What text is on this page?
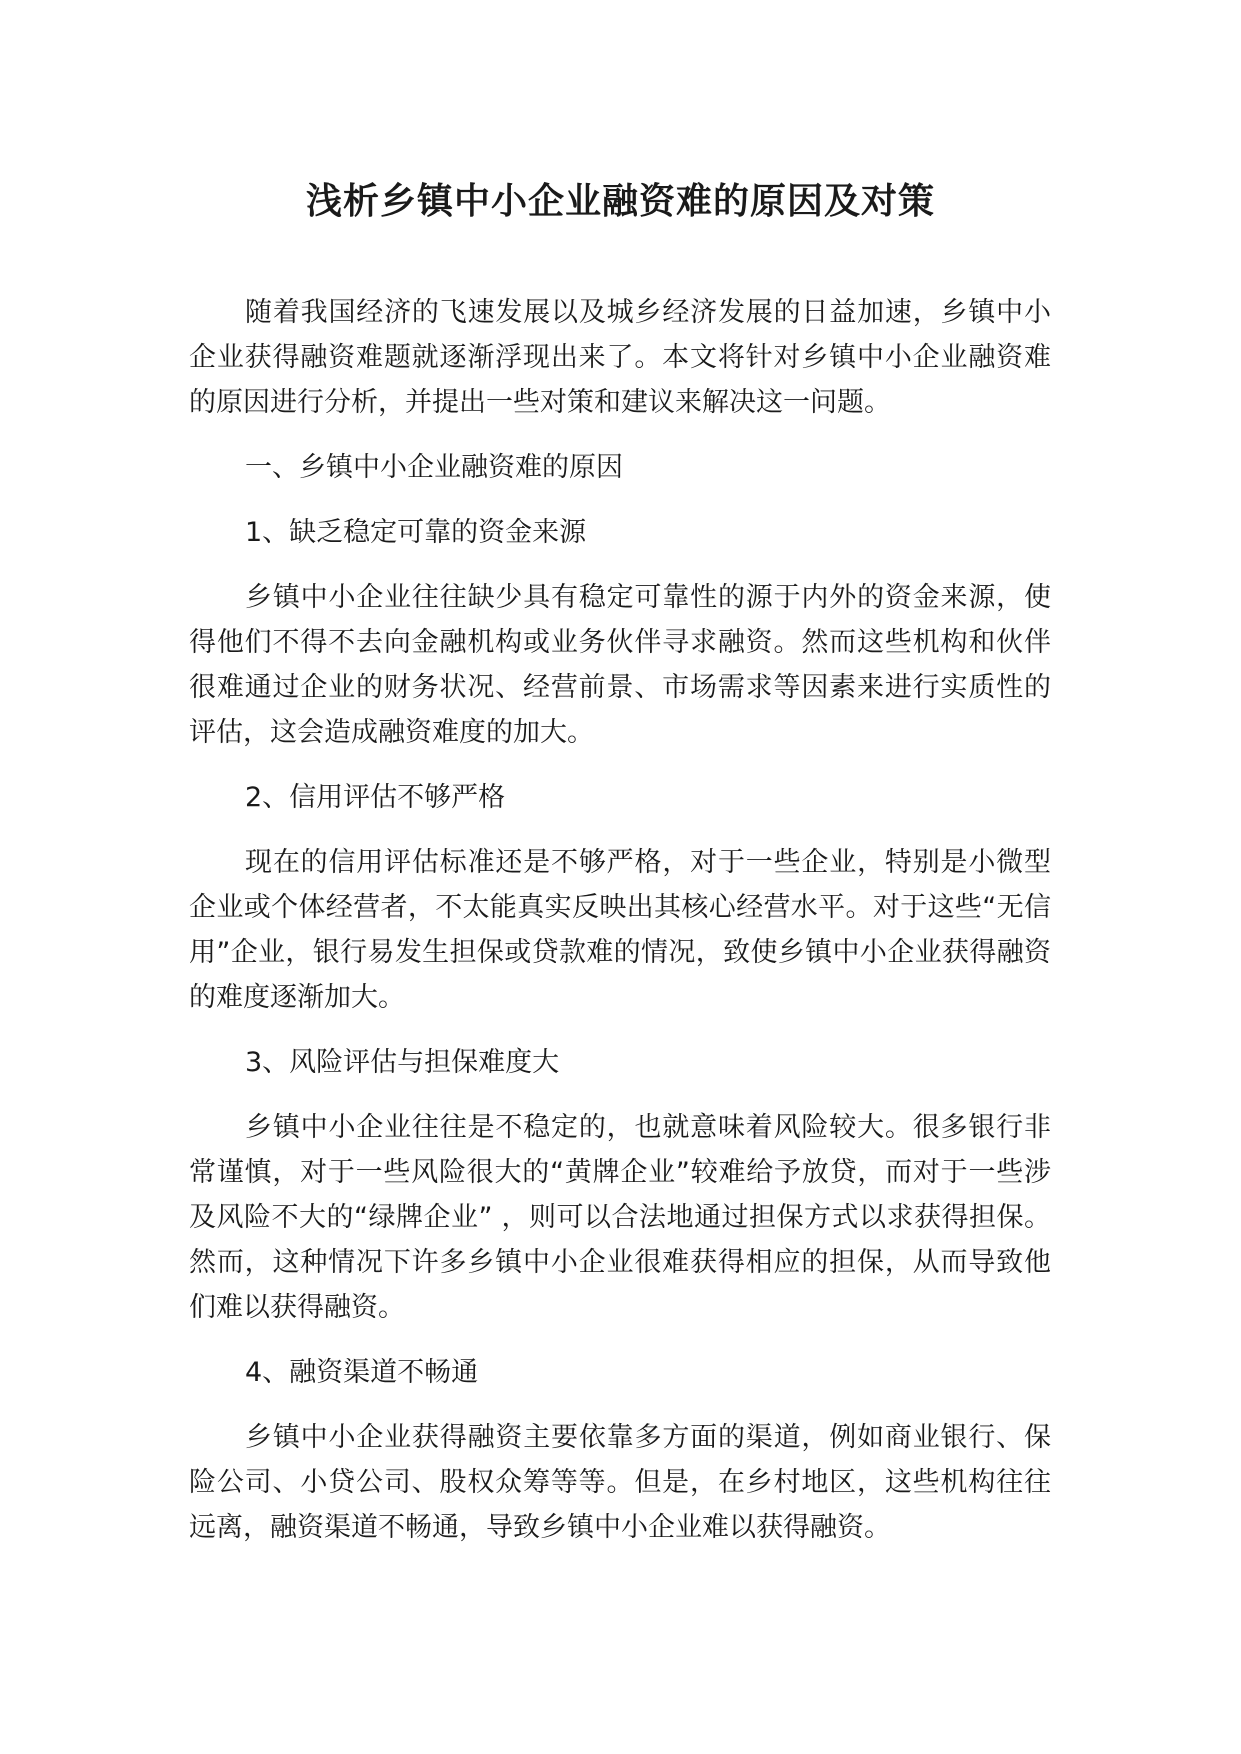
浅析乡镇中小企业融资难的原因及对策

随着我国经济的飞速发展以及城乡经济发展的日益加速，乡镇中小企业获得融资难题就逐渐浮现出来了。本文将针对乡镇中小企业融资难的原因进行分析，并提出一些对策和建议来解决这一问题。

一、乡镇中小企业融资难的原因

1、缺乏稳定可靠的资金来源

乡镇中小企业往往缺少具有稳定可靠性的源于内外的资金来源，使得他们不得不去向金融机构或业务伙伴寻求融资。然而这些机构和伙伴很难通过企业的财务状况、经营前景、市场需求等因素来进行实质性的评估，这会造成融资难度的加大。

2、信用评估不够严格

现在的信用评估标准还是不够严格，对于一些企业，特别是小微型企业或个体经营者，不太能真实反映出其核心经营水平。对于这些“无信用”企业，银行易发生担保或贷款难的情况，致使乡镇中小企业获得融资的难度逐渐加大。

3、风险评估与担保难度大

乡镇中小企业往往是不稳定的，也就意味着风险较大。很多银行非常谨慎，对于一些风险很大的“黄牌企业”较难给予放贷，而对于一些涉及风险不大的“绿牌企业” ，则可以合法地通过担保方式以求获得担保。然而，这种情况下许多乡镇中小企业很难获得相应的担保，从而导致他们难以获得融资。

4、融资渠道不畅通

乡镇中小企业获得融资主要依靠多方面的渠道，例如商业银行、保险公司、小贷公司、股权众筹等等。但是，在乡村地区，这些机构往往远离，融资渠道不畅通，导致乡镇中小企业难以获得融资。
